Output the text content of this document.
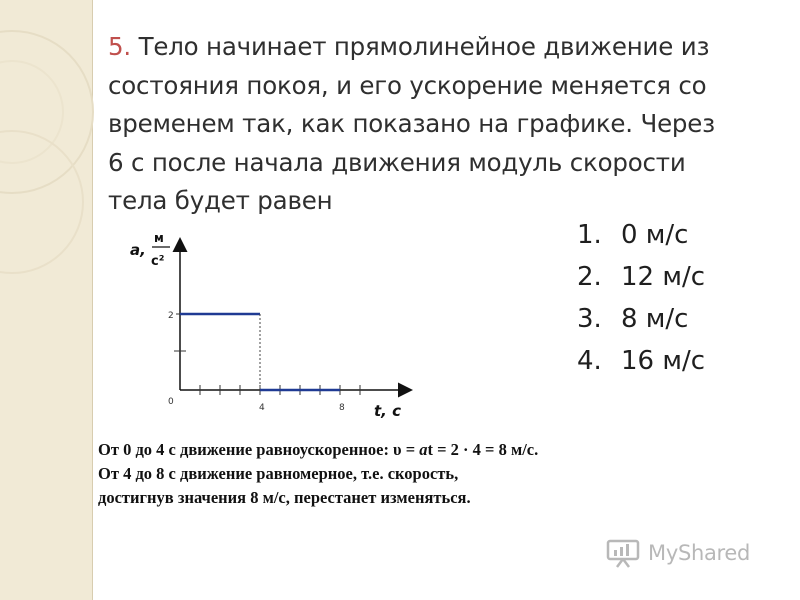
5. Тело начинает прямолинейное движение из
состояния покоя, и его ускорение меняется со
временем так, как показано на графике. Через
6 с после начала движения модуль скорости
тела будет равен
1. 0 м/с
2. 12 м/с
3. 8 м/с
4. 16 м/с
a,
м
с²
2
0
4	8 t, c
От 0 до 4 с движение равноускоренное: υ = at = 2 · 4 = 8 м/с.
От 4 до 8 с движение равномерное, т.е. скорость,
достигнув значения 8 м/с, перестанет изменяться.
MyShared
